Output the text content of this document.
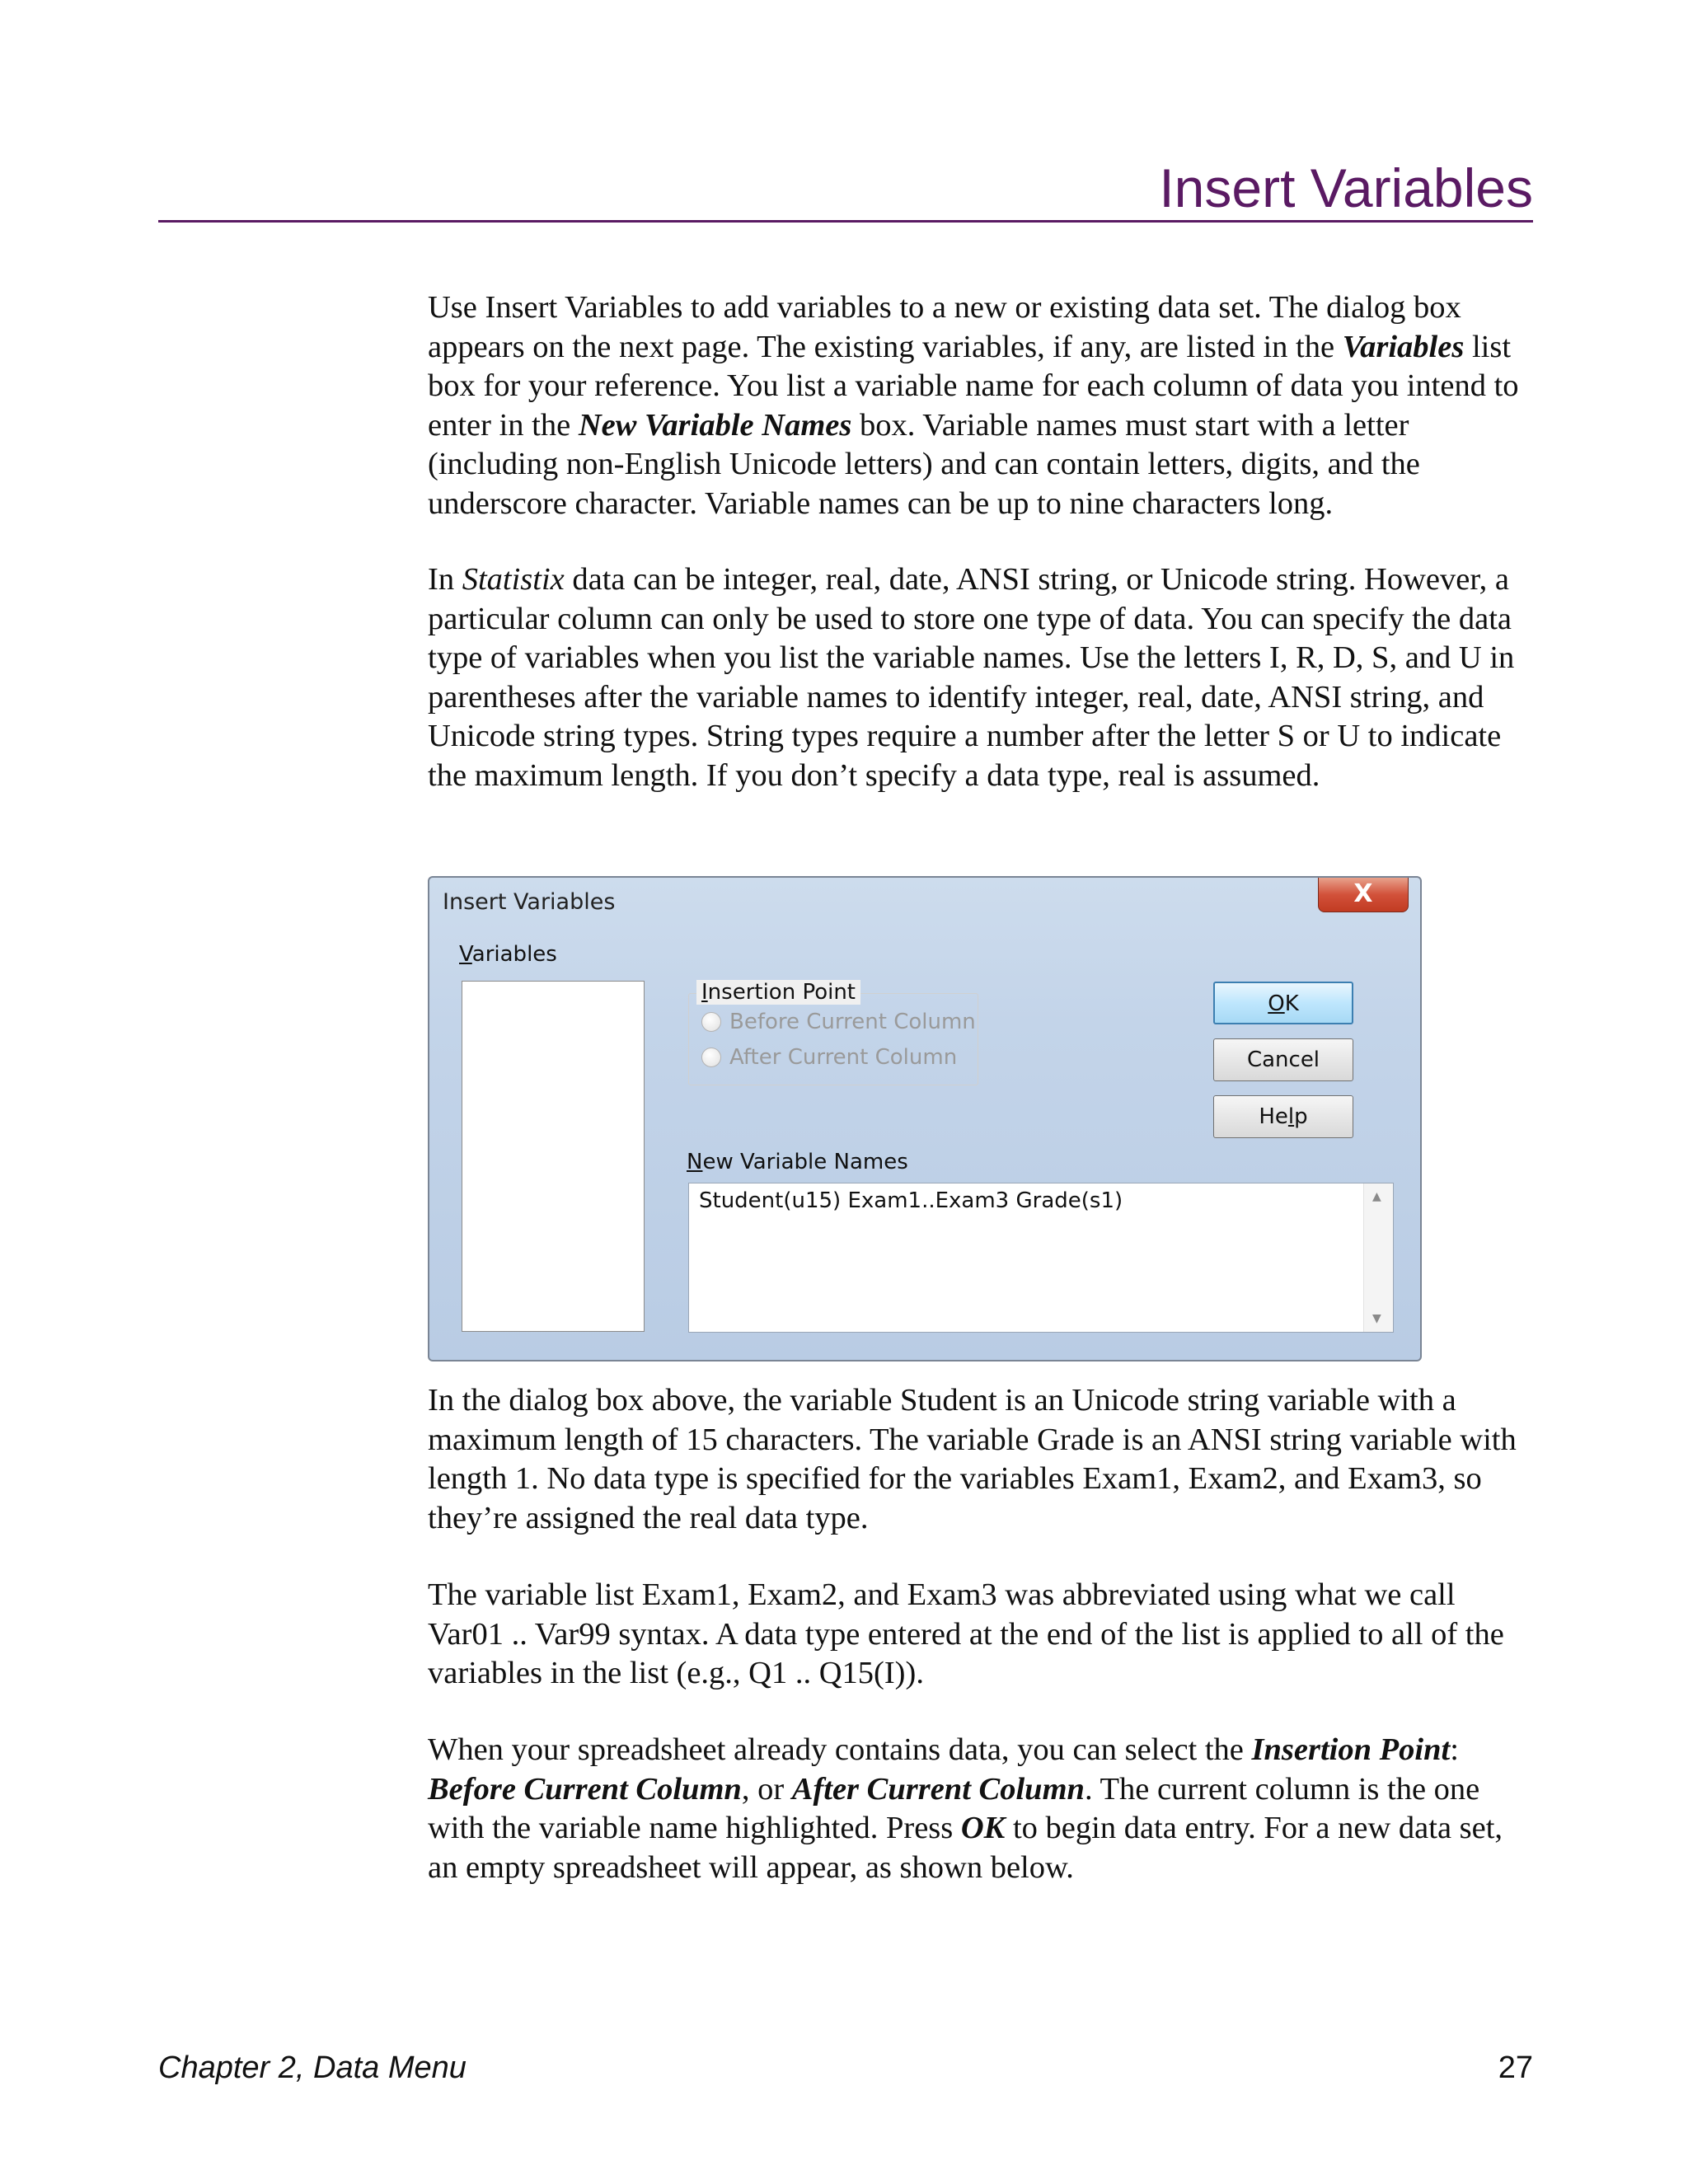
Insert Variables

Use Insert Variables to add variables to a new or existing data set. The dialog box appears on the next page. The existing variables, if any, are listed in the Variables list box for your reference. You list a variable name for each column of data you intend to enter in the New Variable Names box. Variable names must start with a letter (including non-English Unicode letters) and can contain letters, digits, and the underscore character. Variable names can be up to nine characters long.

In Statistix data can be integer, real, date, ANSI string, or Unicode string. However, a particular column can only be used to store one type of data. You can specify the data type of variables when you list the variable names. Use the letters I, R, D, S, and U in parentheses after the variable names to identify integer, real, date, ANSI string, and Unicode string types. String types require a number after the letter S or U to indicate the maximum length. If you don’t specify a data type, real is assumed.

Insert Variables	X
Variables
Insertion Point
Before Current Column
After Current Column
OK
Cancel
Help
New Variable Names
Student(u15) Exam1..Exam3 Grade(s1)	▲
▼

In the dialog box above, the variable Student is an Unicode string variable with a maximum length of 15 characters. The variable Grade is an ANSI string variable with length 1. No data type is specified for the variables Exam1, Exam2, and Exam3, so they’re assigned the real data type.

The variable list Exam1, Exam2, and Exam3 was abbreviated using what we call Var01 .. Var99 syntax. A data type entered at the end of the list is applied to all of the variables in the list (e.g., Q1 .. Q15(I)).

When your spreadsheet already contains data, you can select the Insertion Point: Before Current Column, or After Current Column. The current column is the one with the variable name highlighted. Press OK to begin data entry. For a new data set, an empty spreadsheet will appear, as shown below.

Chapter 2, Data Menu	27
